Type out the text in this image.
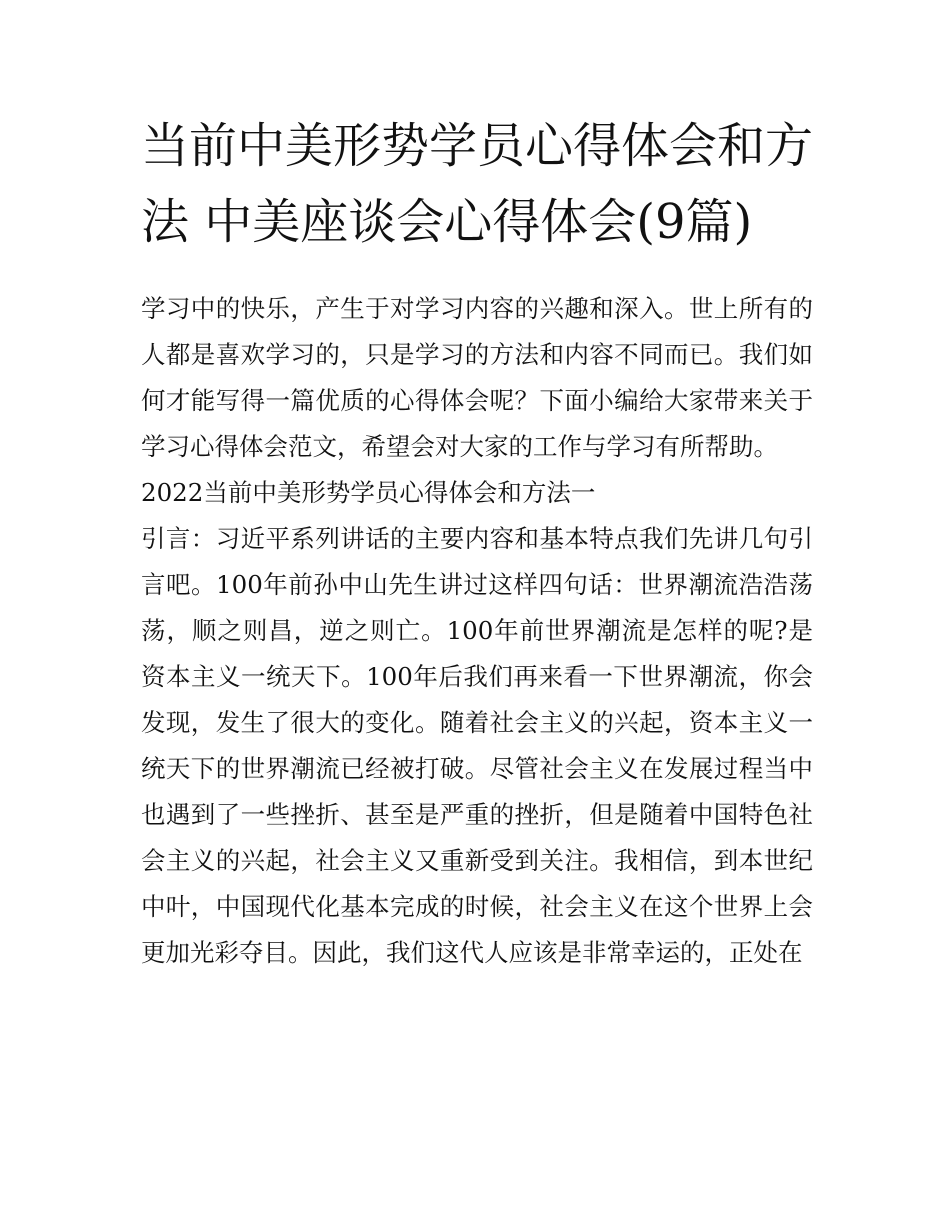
当前中美形势学员心得体会和方法 中美座谈会心得体会(9篇)

学习中的快乐，产生于对学习内容的兴趣和深入。世上所有的人都是喜欢学习的，只是学习的方法和内容不同而已。我们如何才能写得一篇优质的心得体会呢？下面小编给大家带来关于学习心得体会范文，希望会对大家的工作与学习有所帮助。

2022当前中美形势学员心得体会和方法一

引言：习近平系列讲话的主要内容和基本特点我们先讲几句引言吧。100年前孙中山先生讲过这样四句话：世界潮流浩浩荡荡，顺之则昌，逆之则亡。100年前世界潮流是怎样的呢?是资本主义一统天下。100年后我们再来看一下世界潮流，你会发现，发生了很大的变化。随着社会主义的兴起，资本主义一统天下的世界潮流已经被打破。尽管社会主义在发展过程当中也遇到了一些挫折、甚至是严重的挫折，但是随着中国特色社会主义的兴起，社会主义又重新受到关注。我相信，到本世纪中叶，中国现代化基本完成的时候，社会主义在这个世界上会更加光彩夺目。因此，我们这代人应该是非常幸运的，正处在
